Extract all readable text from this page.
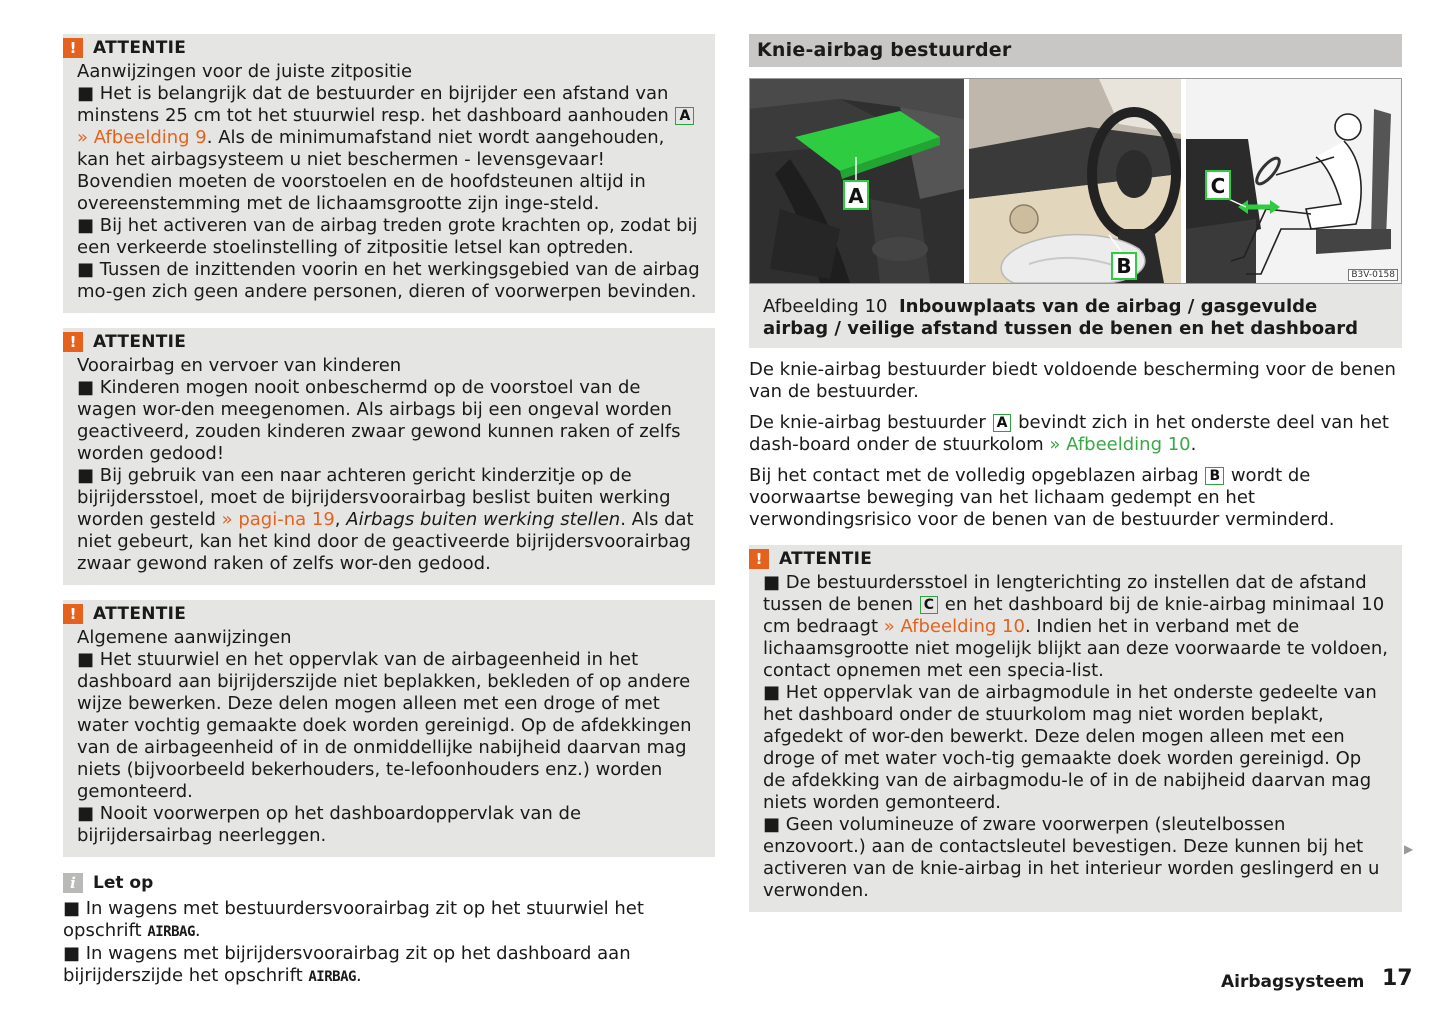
! ATTENTIE

Aanwijzingen voor de juiste zitpositie

■ Het is belangrijk dat de bestuurder en bijrijder een afstand van minstens 25 cm tot het stuurwiel resp. het dashboard aanhouden A » Afbeelding 9. Als de minimumafstand niet wordt aangehouden, kan het airbagsysteem u niet beschermen - levensgevaar! Bovendien moeten de voorstoelen en de hoofdsteunen altijd in overeenstemming met de lichaamsgrootte zijn inge-steld.

■ Bij het activeren van de airbag treden grote krachten op, zodat bij een verkeerde stoelinstelling of zitpositie letsel kan optreden.

■ Tussen de inzittenden voorin en het werkingsgebied van de airbag mo-gen zich geen andere personen, dieren of voorwerpen bevinden.

! ATTENTIE

Voorairbag en vervoer van kinderen

■ Kinderen mogen nooit onbeschermd op de voorstoel van de wagen wor-den meegenomen. Als airbags bij een ongeval worden geactiveerd, zouden kinderen zwaar gewond kunnen raken of zelfs worden gedood!

■ Bij gebruik van een naar achteren gericht kinderzitje op de bijrijdersstoel, moet de bijrijdersvoorairbag beslist buiten werking worden gesteld » pagi-na 19, Airbags buiten werking stellen. Als dat niet gebeurt, kan het kind door de geactiveerde bijrijdersvoorairbag zwaar gewond raken of zelfs wor-den gedood.

! ATTENTIE

Algemene aanwijzingen

■ Het stuurwiel en het oppervlak van de airbageenheid in het dashboard aan bijrijderszijde niet beplakken, bekleden of op andere wijze bewerken. Deze delen mogen alleen met een droge of met water vochtig gemaakte doek worden gereinigd. Op de afdekkingen van de airbageenheid of in de onmiddellijke nabijheid daarvan mag niets (bijvoorbeeld bekerhouders, te-lefoonhouders enz.) worden gemonteerd.

■ Nooit voorwerpen op het dashboardoppervlak van de bijrijdersairbag neerleggen.

i	Let op

■ In wagens met bestuurdersvoorairbag zit op het stuurwiel het opschrift AIRBAG.

■ In wagens met bijrijdersvoorairbag zit op het dashboard aan bijrijderszijde het opschrift AIRBAG.

Knie-airbag bestuurder
A
B
C
B3V-0158
Afbeelding 10 Inbouwplaats van de airbag / gasgevulde airbag / veilige afstand tussen de benen en het dashboard

De knie-airbag bestuurder biedt voldoende bescherming voor de benen van de bestuurder.

De knie-airbag bestuurder A bevindt zich in het onderste deel van het dash-board onder de stuurkolom » Afbeelding 10.

Bij het contact met de volledig opgeblazen airbag B wordt de voorwaartse beweging van het lichaam gedempt en het verwondingsrisico voor de benen van de bestuurder verminderd.

! ATTENTIE

■ De bestuurdersstoel in lengterichting zo instellen dat de afstand tussen de benen C en het dashboard bij de knie-airbag minimaal 10 cm bedraagt » Afbeelding 10. Indien het in verband met de lichaamsgrootte niet mogelijk blijkt aan deze voorwaarde te voldoen, contact opnemen met een specia-list.

■ Het oppervlak van de airbagmodule in het onderste gedeelte van het dashboard onder de stuurkolom mag niet worden beplakt, afgedekt of wor-den bewerkt. Deze delen mogen alleen met een droge of met water voch-tig gemaakte doek worden gereinigd. Op de afdekking van de airbagmodu-le of in de nabijheid daarvan mag niets worden gemonteerd.

■ Geen volumineuze of zware voorwerpen (sleutelbossen enzovoort.) aan de contactsleutel bevestigen. Deze kunnen bij het activeren van de knie-airbag in het interieur worden geslingerd en u verwonden.

▶
Airbagsysteem 17
